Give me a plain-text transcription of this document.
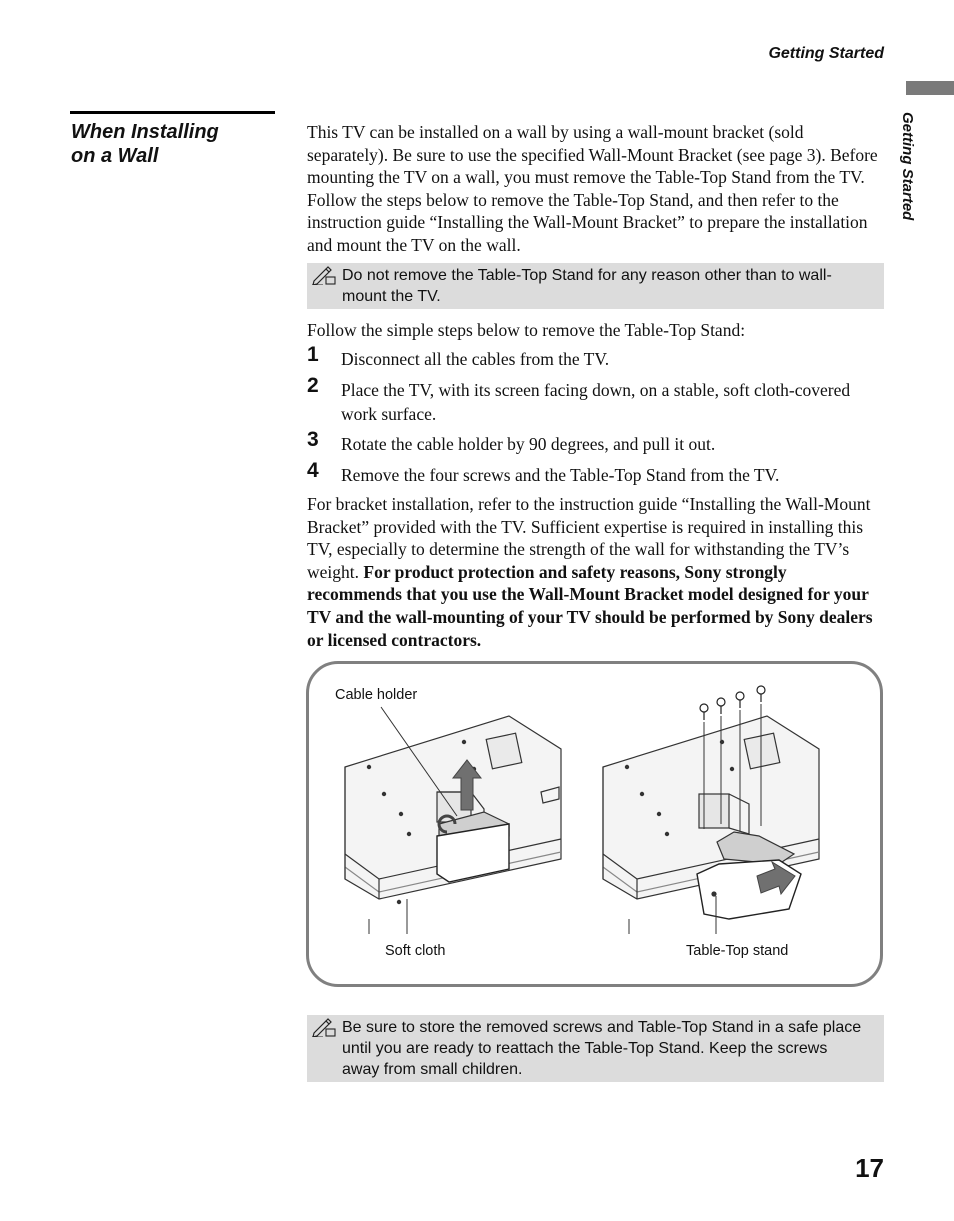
Getting Started
Getting Started
When Installing
on a Wall
This TV can be installed on a wall by using a wall-mount bracket (sold separately). Be sure to use the specified Wall-Mount Bracket (see page 3). Before mounting the TV on a wall, you must remove the Table-Top Stand from the TV. Follow the steps below to remove the Table-Top Stand, and then refer to the instruction guide “Installing the Wall-Mount Bracket” to prepare the installation and mount the TV on the wall.
Do not remove the Table-Top Stand for any reason other than to wall-mount the TV.
Follow the simple steps below to remove the Table-Top Stand:
1 Disconnect all the cables from the TV.
2 Place the TV, with its screen facing down, on a stable, soft cloth-covered work surface.
3 Rotate the cable holder by 90 degrees, and pull it out.
4 Remove the four screws and the Table-Top Stand from the TV.
For bracket installation, refer to the instruction guide “Installing the Wall-Mount Bracket” provided with the TV. Sufficient expertise is required in installing this TV, especially to determine the strength of the wall for withstanding the TV’s weight. For product protection and safety reasons, Sony strongly recommends that you use the Wall-Mount Bracket model designed for your TV and the wall-mounting of your TV should be performed by Sony dealers or licensed contractors.
Cable holder
Soft cloth	Table-Top stand
Be sure to store the removed screws and Table-Top Stand in a safe place until you are ready to reattach the Table-Top Stand. Keep the screws away from small children.
17
